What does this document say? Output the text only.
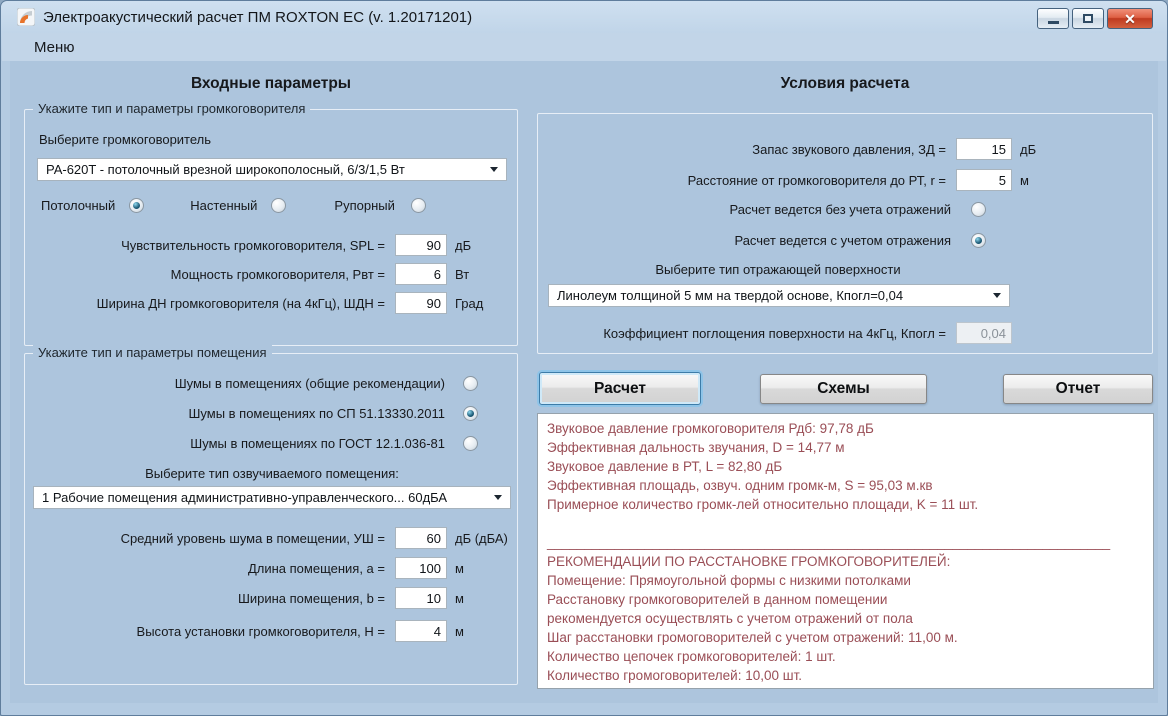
Электроакустический расчет ПМ ROXTON EC (v. 1.20171201)	✕
Меню
Входные параметры	Условия расчета
Укажите тип и параметры громкоговорителя
Выберите громкоговоритель
PA-620T - потолочный врезной широкополосный, 6/3/1,5 Вт
Потолочный	Настенный	Рупорный
Чувствительность громкоговорителя, SPL =
90	дБ
Мощность громкоговорителя, Рвт =
6	Вт
Ширина ДН громкоговорителя (на 4кГц), ШДН =
90	Град
Укажите тип и параметры помещения
Шумы в помещениях (общие рекомендации)
Шумы в помещениях по СП 51.13330.2011
Шумы в помещениях по ГОСТ 12.1.036-81
Выберите тип озвучиваемого помещения:
1 Рабочие помещения административно-управленческого... 60дБА
Средний уровень шума в помещении, УШ =
60	дБ (дБА)
Длина помещения, а =
100	м
Ширина помещения, b =
10	м
Высота установки громкоговорителя, Н =
4	м
Запас звукового давления, ЗД =
15	дБ
Расстояние от громкоговорителя до РТ, r =
5	м
Расчет ведется без учета отражений
Расчет ведется с учетом отражения
Выберите тип отражающей поверхности
Линолеум толщиной 5 мм на твердой основе, Кпогл=0,04
Коэффициент поглощения поверхности на 4кГц, Кпогл =
0,04
Расчет	Схемы	Отчет
Звуковое давление громкоговорителя Рдб: 97,78 дБ
Эффективная дальность звучания, D = 14,77 м
Звуковое давление в РТ, L = 82,80 дБ
Эффективная площадь, озвуч. одним громк-м, S = 95,03 м.кв
Примерное количество громк-лей относительно площади, K = 11 шт.
___________________________________________________________________________
РЕКОМЕНДАЦИИ ПО РАССТАНОВКЕ ГРОМКОГОВОРИТЕЛЕЙ:
Помещение: Прямоугольной формы с низкими потолками
Расстановку громкоговорителей в данном помещении
рекомендуется осуществлять с учетом отражений от пола
Шаг расстановки громоговорителей с учетом отражений: 11,00 м.
Количество цепочек громкоговорителей: 1 шт.
Количество громоговорителей: 10,00 шт.
